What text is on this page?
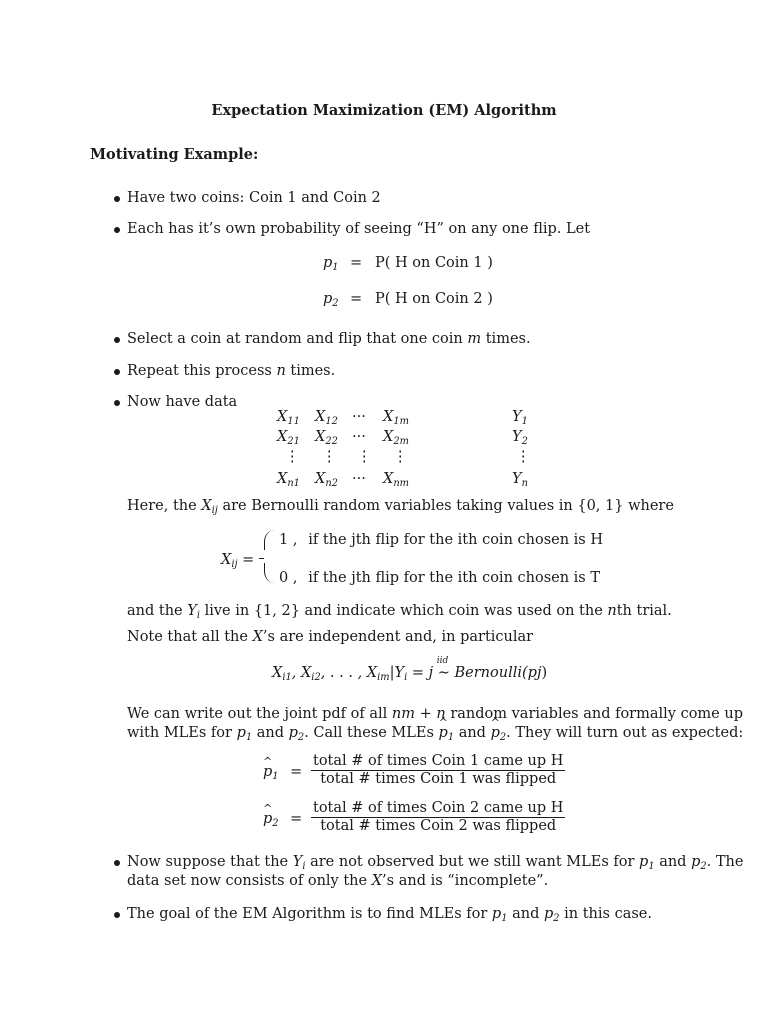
Expectation Maximization (EM) Algorithm
Motivating Example:
Have two coins: Coin 1 and Coin 2
Each has it’s own probability of seeing “H” on any one flip. Let
$p_1 = P$( H on Coin 1 )
$p_2 = P$( H on Coin 2 )
Select a coin at random and flip that one coin m times.
Repeat this process n times.
Now have data
$X_{11}$ $X_{12}$ ··· $X_{1m}$	$Y_1$
$X_{21}$ $X_{22}$ ··· $X_{2m}$	$Y_2$
⋮ ⋮ ⋮ ⋮	⋮
$X_{n1}$ $X_{n2}$ ··· $X_{nm}$	$Y_n$
Here, the $X_{ij}$ are Bernoulli random variables taking values in {0, 1} where
$X_{ij}$ =
1 , if the jth flip for the ith coin chosen is H
0 , if the jth flip for the ith coin chosen is T
and the $Y_i$ live in {1, 2} and indicate which coin was used on the nth trial.
Note that all the X’s are independent and, in particular
$X_{i1}$, $X_{i2}$, . . . , $X_{im}|Y_i = j$
iid
∼ Bernoulli(pj)
We can write out the joint pdf of all nm + n random variables and formally come up
with MLEs for $p_1$ and $p_2$. Call these MLEs ^ $p_1$ and ^ $p_2$. They will turn out as expected:
^ $p_1 = \frac{\text{total \# of times Coin 1 came up H}}{\text{total \# times Coin 1 was flipped}}$
^ $p_2 = \frac{\text{total \# of times Coin 2 came up H}}{\text{total \# times Coin 2 was flipped}}$
Now suppose that the $Y_i$ are not observed but we still want MLEs for $p_1$ and $p_2$. The
data set now consists of only the X’s and is “incomplete”.
The goal of the EM Algorithm is to find MLEs for $p_1$ and $p_2$ in this case.
